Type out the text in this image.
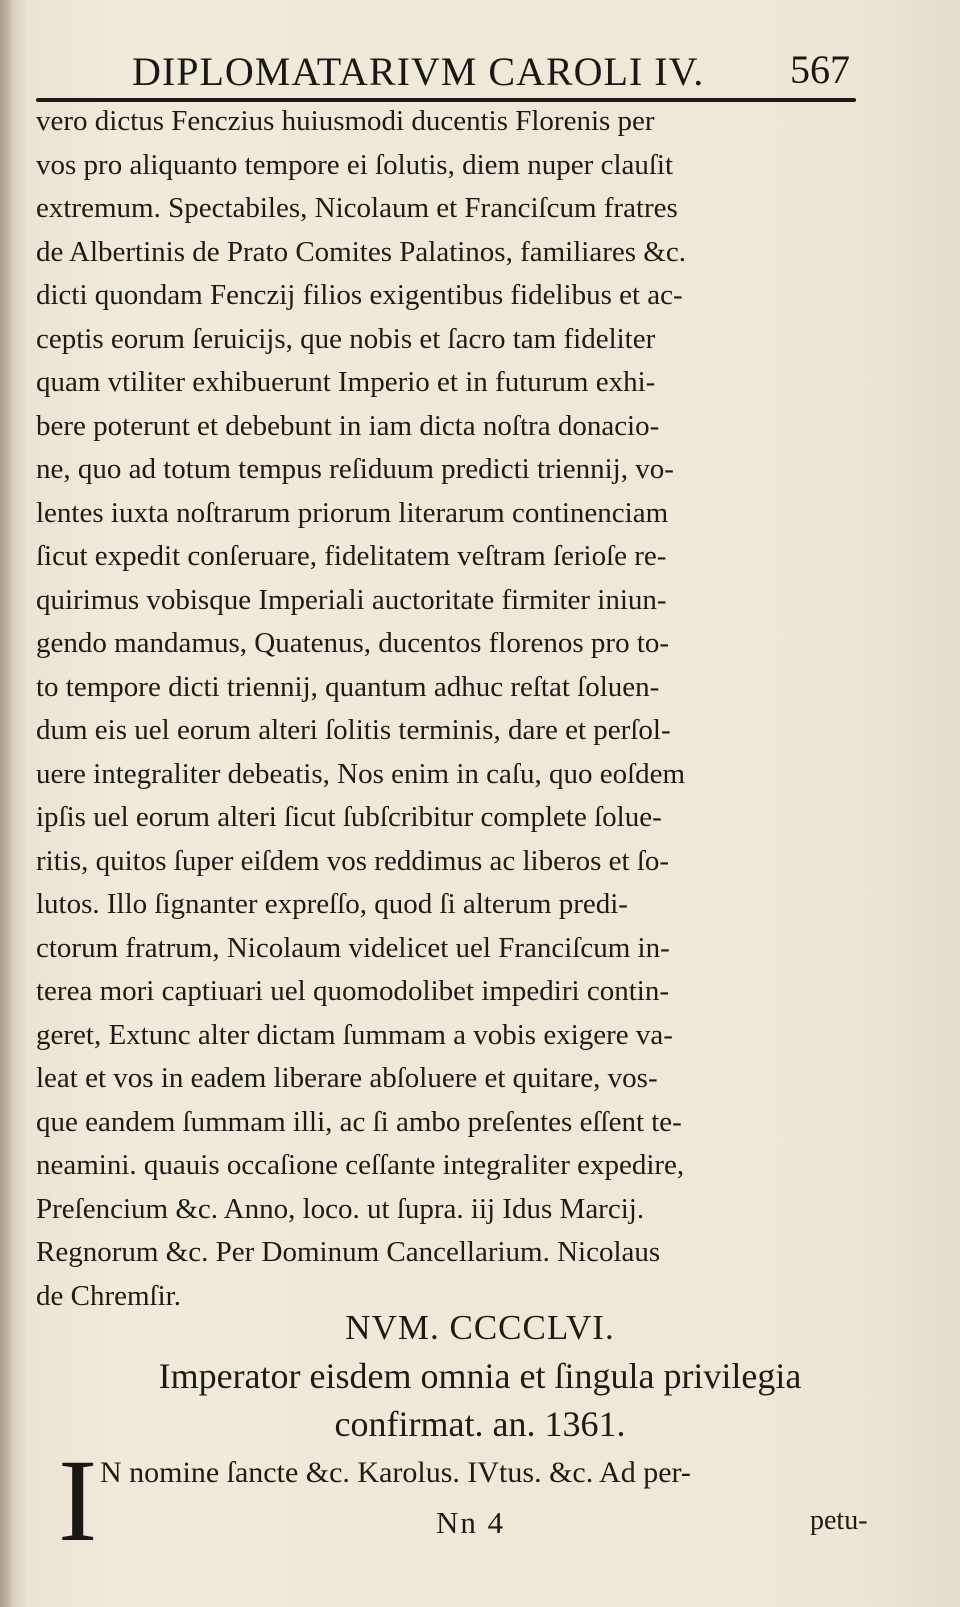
DIPLOMATARIVM CAROLI IV. 567
vero dictus Fenczius huiusmodi ducentis Florenis per
vos pro aliquanto tempore ei ſolutis, diem nuper clauſit
extremum. Spectabiles, Nicolaum et Franciſcum fratres
de Albertinis de Prato Comites Palatinos, familiares &c.
dicti quondam Fenczij filios exigentibus fidelibus et ac-
ceptis eorum ſeruicijs, que nobis et ſacro tam fideliter
quam vtiliter exhibuerunt Imperio et in futurum exhi-
bere poterunt et debebunt in iam dicta noſtra donacio-
ne, quo ad totum tempus reſiduum predicti triennij, vo-
lentes iuxta noſtrarum priorum literarum continenciam
ſicut expedit conſeruare, fidelitatem veſtram ſerioſe re-
quirimus vobisque Imperiali auctoritate firmiter iniun-
gendo mandamus, Quatenus, ducentos florenos pro to-
to tempore dicti triennij, quantum adhuc reſtat ſoluen-
dum eis uel eorum alteri ſolitis terminis, dare et perſol-
uere integraliter debeatis, Nos enim in caſu, quo eoſdem
ipſis uel eorum alteri ſicut ſubſcribitur complete ſolue-
ritis, quitos ſuper eiſdem vos reddimus ac liberos et ſo-
lutos. Illo ſignanter expreſſo, quod ſi alterum predi-
ctorum fratrum, Nicolaum videlicet uel Franciſcum in-
terea mori captiuari uel quomodolibet impediri contin-
geret, Extunc alter dictam ſummam a vobis exigere va-
leat et vos in eadem liberare abſoluere et quitare, vos-
que eandem ſummam illi, ac ſi ambo preſentes eſſent te-
neamini. quauis occaſione ceſſante integraliter expedire,
Preſencium &c. Anno, loco. ut ſupra. iij Idus Marcij.
Regnorum &c. Per Dominum Cancellarium. Nicolaus
de Chremſir.
NVM. CCCCLVI.
Imperator eisdem omnia et ſingula privilegia
confirmat. an. 1361.
I N nomine ſancte &c. Karolus. IVtus. &c. Ad per-
Nn 4	petu-
